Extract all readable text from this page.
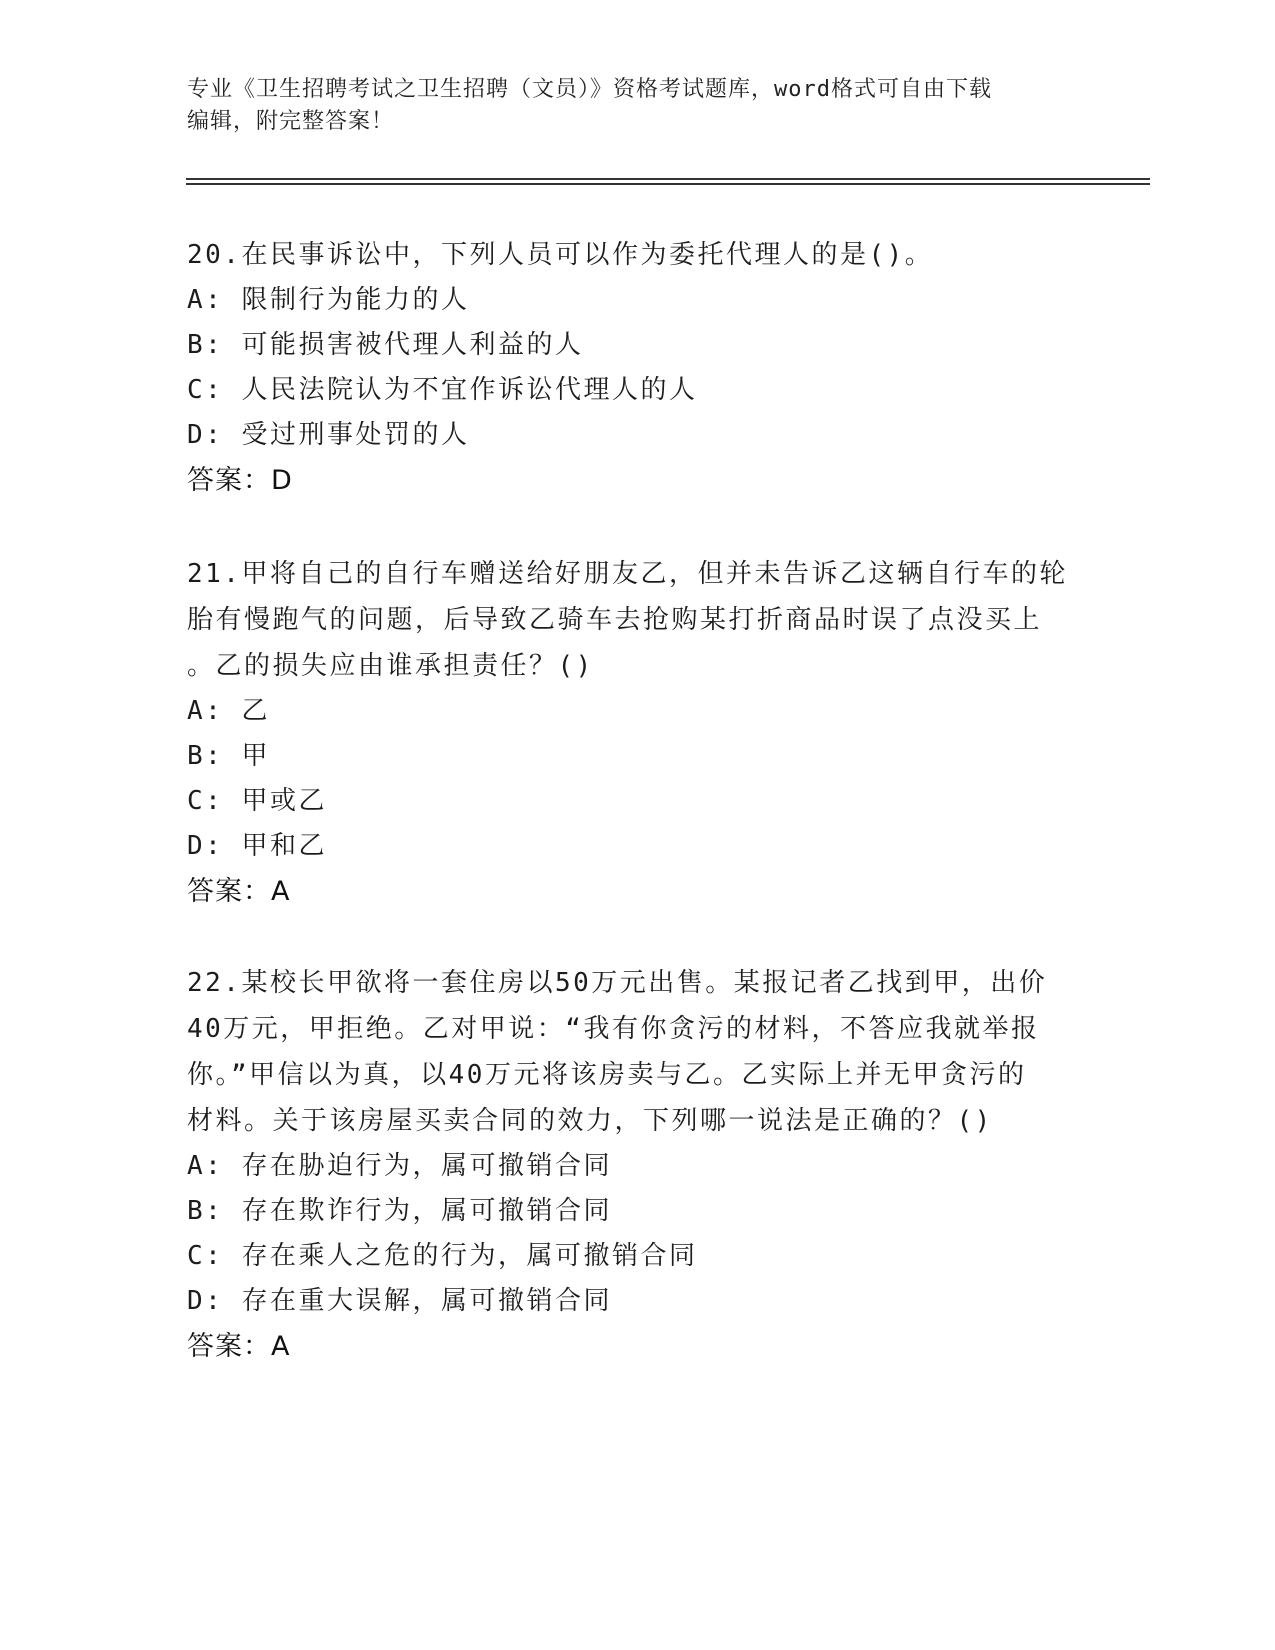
专业《卫生招聘考试之卫生招聘（文员）》资格考试题库，word格式可自由下载
编辑，附完整答案！
20.在民事诉讼中，下列人员可以作为委托代理人的是()。
A: 限制行为能力的人
B: 可能损害被代理人利益的人
C: 人民法院认为不宜作诉讼代理人的人
D: 受过刑事处罚的人
答案：D
21.甲将自己的自行车赠送给好朋友乙，但并未告诉乙这辆自行车的轮
胎有慢跑气的问题，后导致乙骑车去抢购某打折商品时误了点没买上
。乙的损失应由谁承担责任？()
A: 乙
B: 甲
C: 甲或乙
D: 甲和乙
答案：A
22.某校长甲欲将一套住房以50万元出售。某报记者乙找到甲，出价
40万元，甲拒绝。乙对甲说：“我有你贪污的材料，不答应我就举报
你。”甲信以为真，以40万元将该房卖与乙。乙实际上并无甲贪污的
材料。关于该房屋买卖合同的效力，下列哪一说法是正确的？()
A: 存在胁迫行为，属可撤销合同
B: 存在欺诈行为，属可撤销合同
C: 存在乘人之危的行为，属可撤销合同
D: 存在重大误解，属可撤销合同
答案：A
